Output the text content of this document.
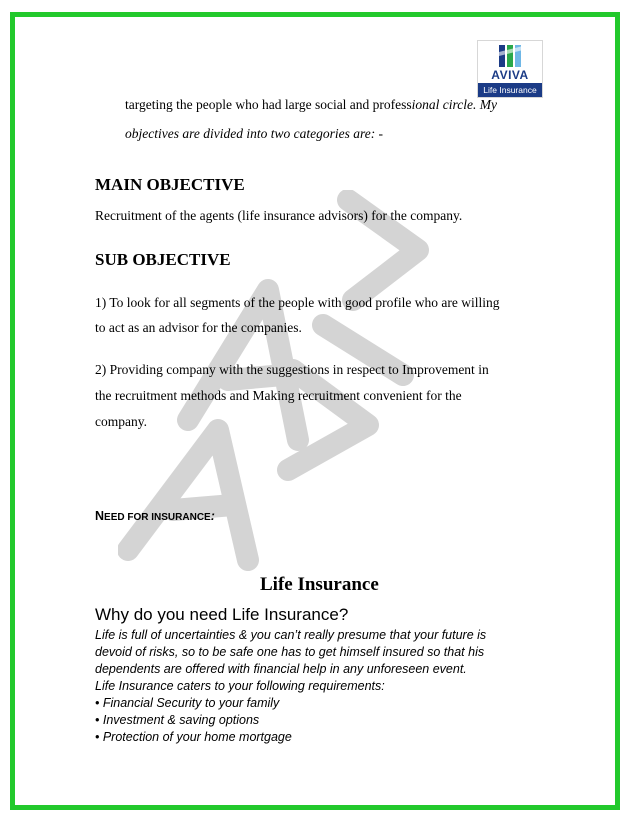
AVIVA
Life Insurance
targeting the people who had large social and professional circle. My
objectives are divided into two categories are: -
MAIN OBJECTIVE
Recruitment of the agents (life insurance advisors) for the company.
SUB OBJECTIVE
1) To look for all segments of the people with good profile who are willing
to act as an advisor for the companies.
2) Providing company with the suggestions in respect to Improvement in
the recruitment methods and Making recruitment convenient for the
company.
NEED FOR INSURANCE:
Life Insurance
Why do you need Life Insurance?
Life is full of uncertainties & you can’t really presume that your future is
devoid of risks, so to be safe one has to get himself insured so that his
dependents are offered with financial help in any unforeseen event.
Life Insurance caters to your following requirements:
• Financial Security to your family
• Investment & saving options
• Protection of your home mortgage
